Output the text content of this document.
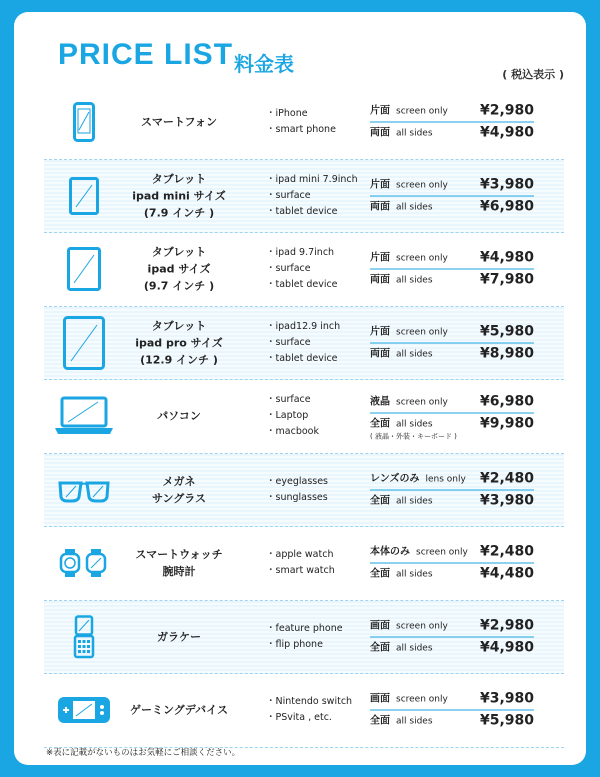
PRICE LIST 料金表	( 税込表示 )
スマートフォン
・ iPhone
・ smart phone
片面 screen only ¥2,980
両面 all sides	¥4,980
タブレット
ipad mini サイズ
(7.9 インチ )
・ ipad mini 7.9inch
・ surface
・ tablet device
片面 screen only ¥3,980
両面 all sides	¥6,980
タブレット
ipad サイズ
(9.7 インチ )
・ ipad 9.7inch
・ surface
・ tablet device
片面 screen only ¥4,980
両面 all sides	¥7,980
タブレット
ipad pro サイズ
(12.9 インチ )
・ ipad12.9 inch
・ surface
・ tablet device
片面 screen only ¥5,980
両面 all sides	¥8,980
パソコン
・ surface
・ Laptop
・ macbook
液晶 screen only ¥6,980
全面 all sides	¥9,980
( 液晶・外装・キーボード )
メガネ
サングラス
・ eyeglasses
・ sunglasses
レンズのみ lens only ¥2,480
全面 all sides	¥3,980
スマートウォッチ
腕時計
・ apple watch
・ smart watch
本体のみ screen only ¥2,480
全面 all sides	¥4,480
ガラケー
・ feature phone
・ flip phone
画面 screen only ¥2,980
全面 all sides	¥4,980
ゲーミングデバイス
・ Nintendo switch
・ PSvita , etc.
画面 screen only ¥3,980
全面 all sides	¥5,980
※表に記載がないものはお気軽にご相談ください。
